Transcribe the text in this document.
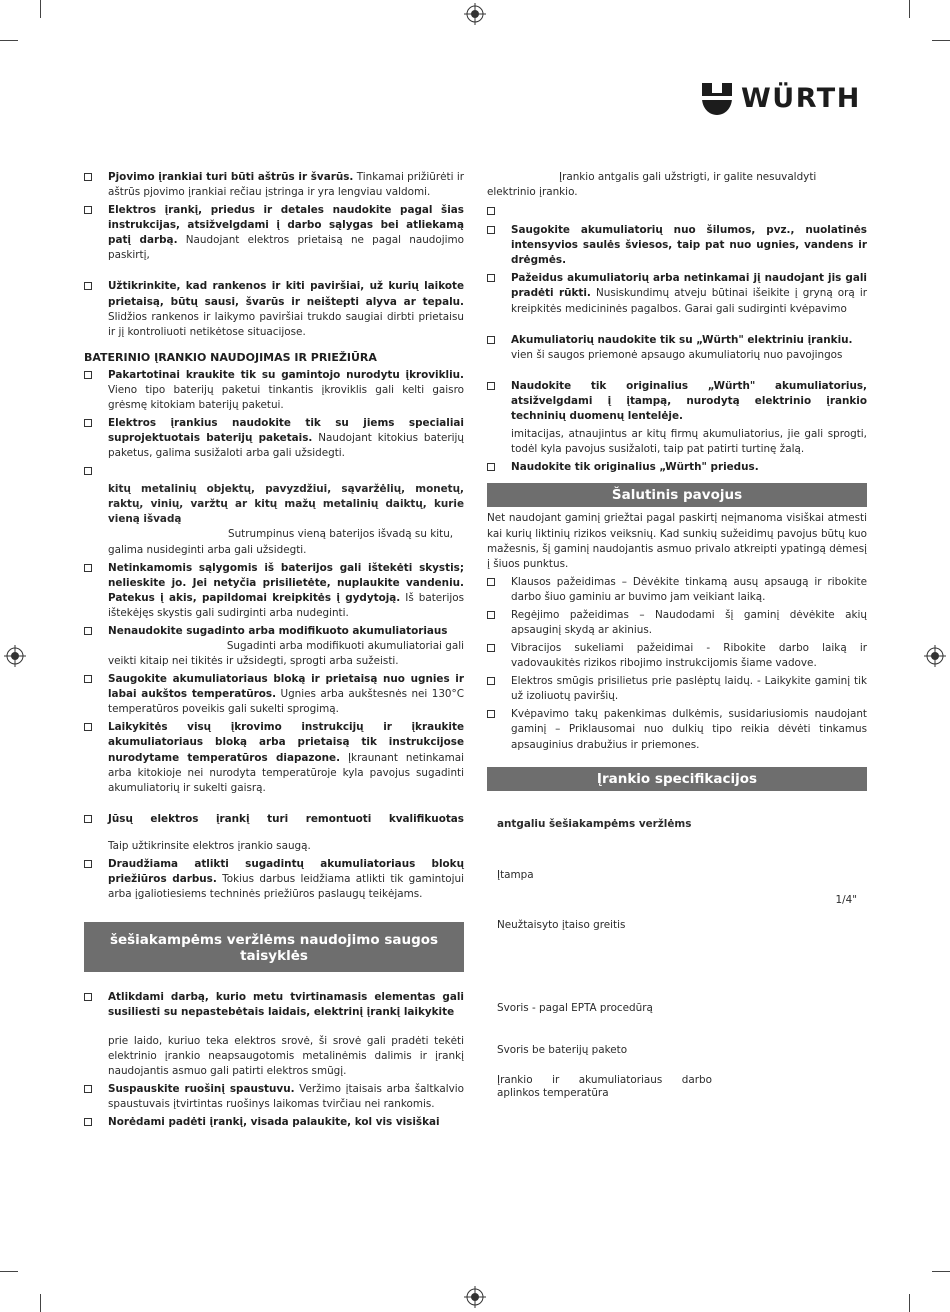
WÜRTH
Pjovimo įrankiai turi būti aštrūs ir švarūs. Tinkamai prižiūrėti ir aštrūs pjovimo įrankiai rečiau įstringa ir yra lengviau valdomi.
Elektros įrankį, priedus ir detales naudokite pagal šias instrukcijas, atsižvelgdami į darbo sąlygas bei atliekamą patį darbą. Naudojant elektros prietaisą ne pagal naudojimo paskirtį,
Užtikrinkite, kad rankenos ir kiti paviršiai, už kurių laikote prietaisą, būtų sausi, švarūs ir neištepti alyva ar tepalu. Slidžios rankenos ir laikymo paviršiai trukdo saugiai dirbti prietaisu ir jį kontroliuoti netikėtose situacijose.
BATERINIO ĮRANKIO NAUDOJIMAS IR PRIEŽIŪRA
Pakartotinai kraukite tik su gamintojo nurodytu įkrovikliu. Vieno tipo baterijų paketui tinkantis įkroviklis gali kelti gaisro grėsmę kitokiam baterijų paketui.
Elektros įrankius naudokite tik su jiems specialiai suprojektuotais baterijų paketais. Naudojant kitokius baterijų paketus, galima susižaloti arba gali užsidegti.
kitų metalinių objektų, pavyzdžiui, sąvaržėlių, monetų, raktų, vinių, varžtų ar kitų mažų metalinių daiktų, kurie vieną išvadą
Sutrumpinus vieną baterijos išvadą su kitu,
galima nusideginti arba gali užsidegti.
Netinkamomis sąlygomis iš baterijos gali ištekėti skystis; nelieskite jo. Jei netyčia prisilietėte, nuplaukite vandeniu. Patekus į akis, papildomai kreipkitės į gydytoją. Iš baterijos ištekėjęs skystis gali sudirginti arba nudeginti.
Nenaudokite sugadinto arba modifikuoto akumuliatoriaus
Sugadinti arba modifikuoti akumuliatoriai gali
veikti kitaip nei tikitės ir užsidegti, sprogti arba sužeisti.
Saugokite akumuliatoriaus bloką ir prietaisą nuo ugnies ir labai aukštos temperatūros. Ugnies arba aukštesnės nei 130°C temperatūros poveikis gali sukelti sprogimą.
Laikykitės visų įkrovimo instrukcijų ir įkraukite akumuliatoriaus bloką arba prietaisą tik instrukcijose nurodytame temperatūros diapazone. Įkraunant netinkamai arba kitokioje nei nurodyta temperatūroje kyla pavojus sugadinti akumuliatorių ir sukelti gaisrą.
Jūsų elektros įrankį turi remontuoti kvalifikuotas
Taip užtikrinsite elektros įrankio saugą.
Draudžiama atlikti sugadintų akumuliatoriaus blokų priežiūros darbus. Tokius darbus leidžiama atlikti tik gamintojui arba įgaliotiesiems techninės priežiūros paslaugų teikėjams.
šešiakampėms veržlėms naudojimo saugos taisyklės
Atlikdami darbą, kurio metu tvirtinamasis elementas gali susiliesti su nepastebėtais laidais, elektrinį įrankį laikykite
prie laido, kuriuo teka elektros srovė, ši srovė gali pradėti tekėti elektrinio įrankio neapsaugotomis metalinėmis dalimis ir įrankį naudojantis asmuo gali patirti elektros smūgį.
Suspauskite ruošinį spaustuvu. Veržimo įtaisais arba šaltkalvio spaustuvais įtvirtintas ruošinys laikomas tvirčiau nei rankomis.
Norėdami padėti įrankį, visada palaukite, kol vis visiškai
Įrankio antgalis gali užstrigti, ir galite nesuvaldyti
elektrinio įrankio.
Saugokite akumuliatorių nuo šilumos, pvz., nuolatinės intensyvios saulės šviesos, taip pat nuo ugnies, vandens ir drėgmės.
Pažeidus akumuliatorių arba netinkamai jį naudojant jis gali pradėti rūkti. Nusiskundimų atveju būtinai išeikite į gryną orą ir kreipkitės medicininės pagalbos. Garai gali sudirginti kvėpavimo
Akumuliatorių naudokite tik su „Würth" elektriniu įrankiu.
vien ši saugos priemonė apsaugo akumuliatorių nuo pavojingos
Naudokite tik originalius „Würth" akumuliatorius, atsižvelgdami į įtampą, nurodytą elektrinio įrankio techninių duomenų lentelėje.
imitacijas, atnaujintus ar kitų firmų akumuliatorius, jie gali sprogti, todėl kyla pavojus susižaloti, taip pat patirti turtinę žalą.
Naudokite tik originalius „Würth" priedus.
Šalutinis pavojus
Net naudojant gaminį griežtai pagal paskirtį neįmanoma visiškai atmesti kai kurių liktinių rizikos veiksnių. Kad sunkių sužeidimų pavojus būtų kuo mažesnis, šį gaminį naudojantis asmuo privalo atkreipti ypatingą dėmesį į šiuos punktus.
Klausos pažeidimas – Dėvėkite tinkamą ausų apsaugą ir ribokite darbo šiuo gaminiu ar buvimo jam veikiant laiką.
Regėjimo pažeidimas – Naudodami šį gaminį dėvėkite akių apsauginį skydą ar akinius.
Vibracijos sukeliami pažeidimai - Ribokite darbo laiką ir vadovaukitės rizikos ribojimo instrukcijomis šiame vadove.
Elektros smūgis prisilietus prie paslėptų laidų. - Laikykite gaminį tik už izoliuotų paviršių.
Kvėpavimo takų pakenkimas dulkėmis, susidariusiomis naudojant gaminį – Priklausomai nuo dulkių tipo reikia dėvėti tinkamus apsauginius drabužius ir priemones.
Įrankio specifikacijos
antgaliu šešiakampėms veržlėms
Įtampa
1/4"
Neužtaisyto įtaiso greitis
Svoris - pagal EPTA procedūrą
Svoris be baterijų paketo
Įrankio ir akumuliatoriaus darbo
aplinkos temperatūra
